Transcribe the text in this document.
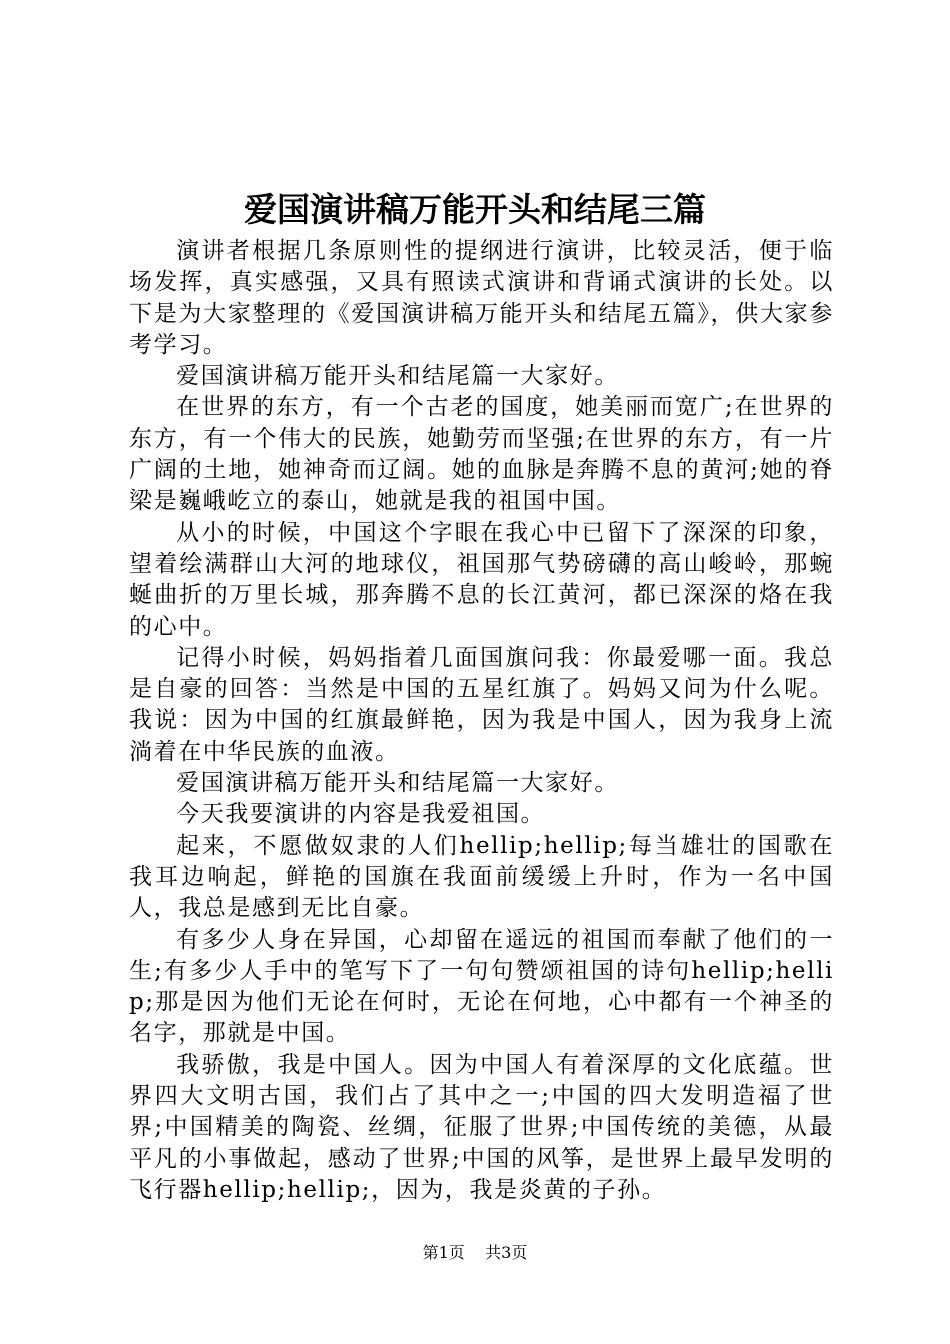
爱国演讲稿万能开头和结尾三篇

演讲者根据几条原则性的提纲进行演讲，比较灵活，便于临场发挥，真实感强，又具有照读式演讲和背诵式演讲的长处。以下是为大家整理的《爱国演讲稿万能开头和结尾五篇》，供大家参考学习。

爱国演讲稿万能开头和结尾篇一大家好。

在世界的东方，有一个古老的国度，她美丽而宽广;在世界的东方，有一个伟大的民族，她勤劳而坚强;在世界的东方，有一片广阔的土地，她神奇而辽阔。她的血脉是奔腾不息的黄河;她的脊梁是巍峨屹立的泰山，她就是我的祖国中国。

从小的时候，中国这个字眼在我心中已留下了深深的印象，望着绘满群山大河的地球仪，祖国那气势磅礴的高山峻岭，那蜿蜒曲折的万里长城，那奔腾不息的长江黄河，都已深深的烙在我的心中。

记得小时候，妈妈指着几面国旗问我：你最爱哪一面。我总是自豪的回答：当然是中国的五星红旗了。妈妈又问为什么呢。我说：因为中国的红旗最鲜艳，因为我是中国人，因为我身上流淌着在中华民族的血液。

爱国演讲稿万能开头和结尾篇一大家好。

今天我要演讲的内容是我爱祖国。

起来，不愿做奴隶的人们hellip;hellip;每当雄壮的国歌在我耳边响起，鲜艳的国旗在我面前缓缓上升时，作为一名中国人，我总是感到无比自豪。

有多少人身在异国，心却留在遥远的祖国而奉献了他们的一生;有多少人手中的笔写下了一句句赞颂祖国的诗句hellip;hellip;那是因为他们无论在何时，无论在何地，心中都有一个神圣的名字，那就是中国。

我骄傲，我是中国人。因为中国人有着深厚的文化底蕴。世界四大文明古国，我们占了其中之一;中国的四大发明造福了世界;中国精美的陶瓷、丝绸，征服了世界;中国传统的美德，从最平凡的小事做起，感动了世界;中国的风筝，是世界上最早发明的飞行器hellip;hellip;，因为，我是炎黄的子孙。

第1页 共3页
